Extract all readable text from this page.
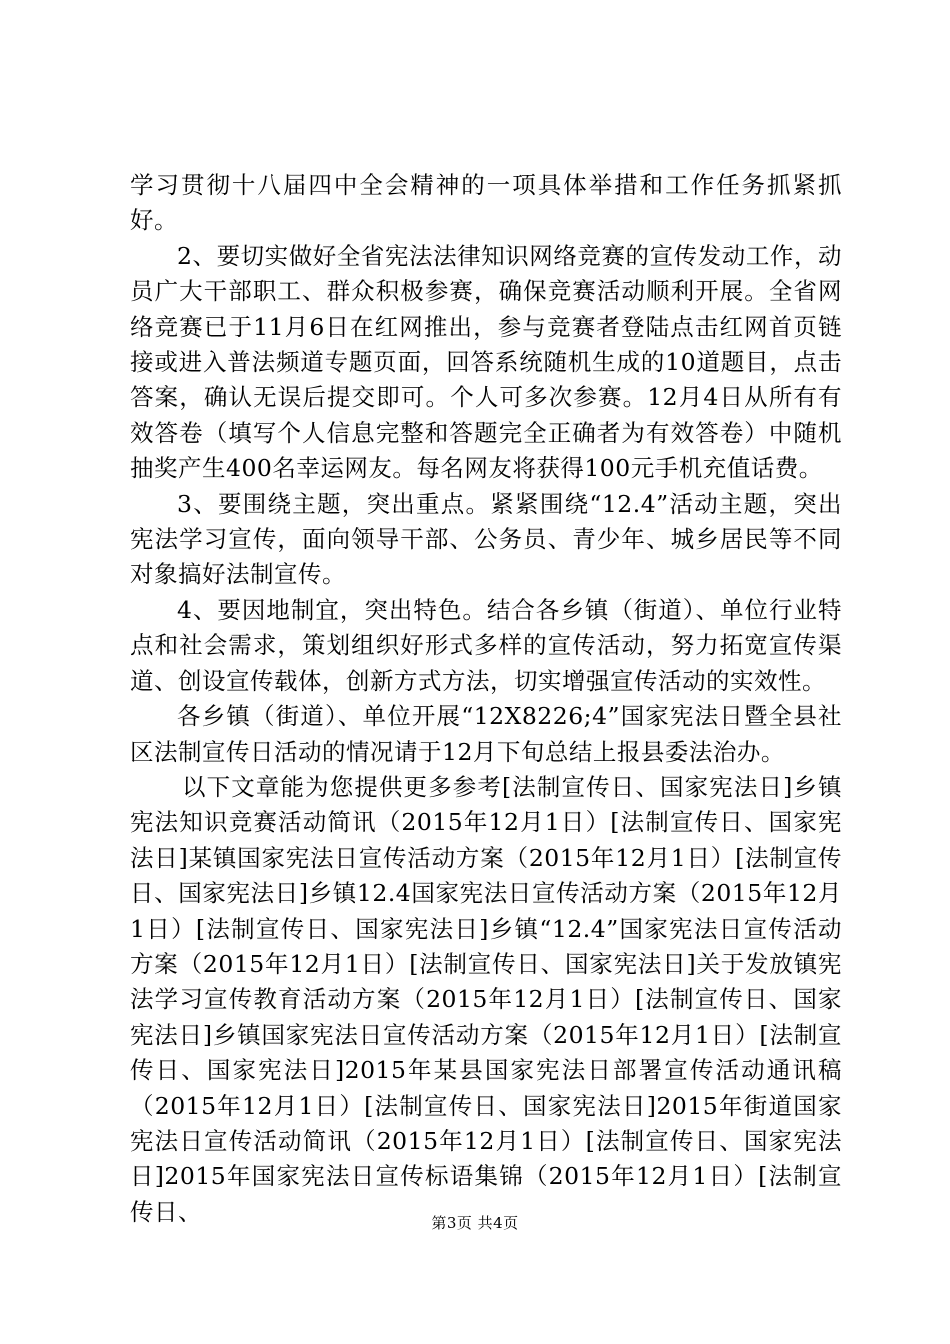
学习贯彻十八届四中全会精神的一项具体举措和工作任务抓紧抓好。

2、要切实做好全省宪法法律知识网络竞赛的宣传发动工作，动员广大干部职工、群众积极参赛，确保竞赛活动顺利开展。全省网络竞赛已于11月6日在红网推出，参与竞赛者登陆点击红网首页链接或进入普法频道专题页面，回答系统随机生成的10道题目，点击答案，确认无误后提交即可。个人可多次参赛。12月4日从所有有效答卷（填写个人信息完整和答题完全正确者为有效答卷）中随机抽奖产生400名幸运网友。每名网友将获得100元手机充值话费。

3、要围绕主题，突出重点。紧紧围绕“12.4”活动主题，突出宪法学习宣传，面向领导干部、公务员、青少年、城乡居民等不同对象搞好法制宣传。

4、要因地制宜，突出特色。结合各乡镇（街道）、单位行业特点和社会需求，策划组织好形式多样的宣传活动，努力拓宽宣传渠道、创设宣传载体，创新方式方法，切实增强宣传活动的实效性。

各乡镇（街道）、单位开展“12X8226;4”国家宪法日暨全县社区法制宣传日活动的情况请于12月下旬总结上报县委法治办。

以下文章能为您提供更多参考[法制宣传日、国家宪法日]乡镇宪法知识竞赛活动简讯（2015年12月1日）[法制宣传日、国家宪法日]某镇国家宪法日宣传活动方案（2015年12月1日）[法制宣传日、国家宪法日]乡镇12.4国家宪法日宣传活动方案（2015年12月1日）[法制宣传日、国家宪法日]乡镇“12.4”国家宪法日宣传活动方案（2015年12月1日）[法制宣传日、国家宪法日]关于发放镇宪法学习宣传教育活动方案（2015年12月1日）[法制宣传日、国家宪法日]乡镇国家宪法日宣传活动方案（2015年12月1日）[法制宣传日、国家宪法日]2015年某县国家宪法日部署宣传活动通讯稿（2015年12月1日）[法制宣传日、国家宪法日]2015年街道国家宪法日宣传活动简讯（2015年12月1日）[法制宣传日、国家宪法日]2015年国家宪法日宣传标语集锦（2015年12月1日）[法制宣传日、	第3页 共4页
